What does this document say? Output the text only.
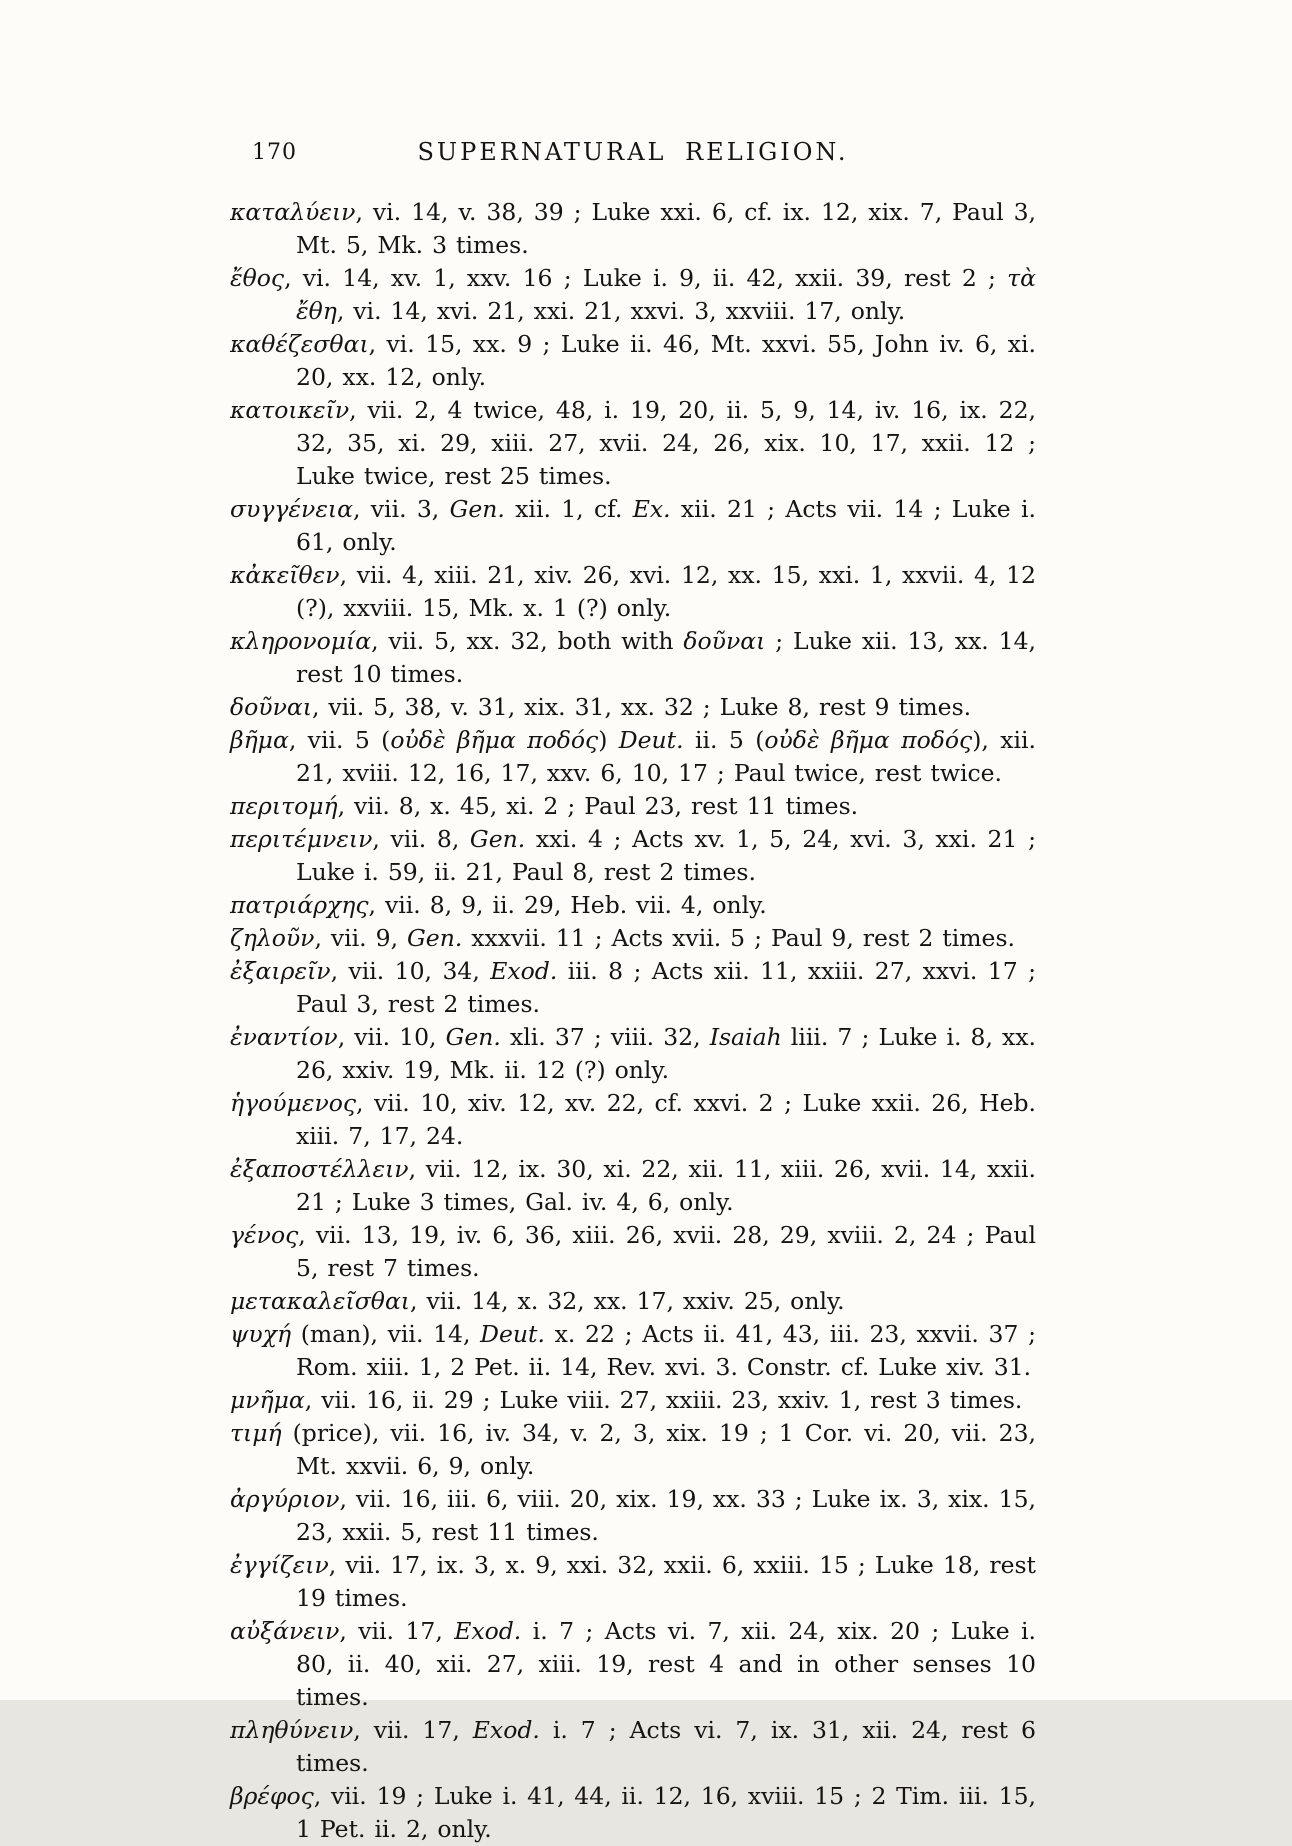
170	SUPERNATURAL RELIGION.
καταλύειν, vi. 14, v. 38, 39 ; Luke xxi. 6, cf. ix. 12, xix. 7, Paul 3, Mt. 5, Mk. 3 times.
ἔθος, vi. 14, xv. 1, xxv. 16 ; Luke i. 9, ii. 42, xxii. 39, rest 2 ; τὰ ἔθη, vi. 14, xvi. 21, xxi. 21, xxvi. 3, xxviii. 17, only.
καθέζεσθαι, vi. 15, xx. 9 ; Luke ii. 46, Mt. xxvi. 55, John iv. 6, xi. 20, xx. 12, only.
κατοικεῖν, vii. 2, 4 twice, 48, i. 19, 20, ii. 5, 9, 14, iv. 16, ix. 22, 32, 35, xi. 29, xiii. 27, xvii. 24, 26, xix. 10, 17, xxii. 12 ; Luke twice, rest 25 times.
συγγένεια, vii. 3, Gen. xii. 1, cf. Ex. xii. 21 ; Acts vii. 14 ; Luke i. 61, only.
κἀκεῖθεν, vii. 4, xiii. 21, xiv. 26, xvi. 12, xx. 15, xxi. 1, xxvii. 4, 12 (?), xxviii. 15, Mk. x. 1 (?) only.
κληρονομία, vii. 5, xx. 32, both with δοῦναι ; Luke xii. 13, xx. 14, rest 10 times.
δοῦναι, vii. 5, 38, v. 31, xix. 31, xx. 32 ; Luke 8, rest 9 times.
βῆμα, vii. 5 (οὐδὲ βῆμα ποδός) Deut. ii. 5 (οὐδὲ βῆμα ποδός), xii. 21, xviii. 12, 16, 17, xxv. 6, 10, 17 ; Paul twice, rest twice.
περιτομή, vii. 8, x. 45, xi. 2 ; Paul 23, rest 11 times.
περιτέμνειν, vii. 8, Gen. xxi. 4 ; Acts xv. 1, 5, 24, xvi. 3, xxi. 21 ; Luke i. 59, ii. 21, Paul 8, rest 2 times.
πατριάρχης, vii. 8, 9, ii. 29, Heb. vii. 4, only.
ζηλοῦν, vii. 9, Gen. xxxvii. 11 ; Acts xvii. 5 ; Paul 9, rest 2 times.
ἐξαιρεῖν, vii. 10, 34, Exod. iii. 8 ; Acts xii. 11, xxiii. 27, xxvi. 17 ; Paul 3, rest 2 times.
ἐναντίον, vii. 10, Gen. xli. 37 ; viii. 32, Isaiah liii. 7 ; Luke i. 8, xx. 26, xxiv. 19, Mk. ii. 12 (?) only.
ἡγούμενος, vii. 10, xiv. 12, xv. 22, cf. xxvi. 2 ; Luke xxii. 26, Heb. xiii. 7, 17, 24.
ἐξαποστέλλειν, vii. 12, ix. 30, xi. 22, xii. 11, xiii. 26, xvii. 14, xxii. 21 ; Luke 3 times, Gal. iv. 4, 6, only.
γένος, vii. 13, 19, iv. 6, 36, xiii. 26, xvii. 28, 29, xviii. 2, 24 ; Paul 5, rest 7 times.
μετακαλεῖσθαι, vii. 14, x. 32, xx. 17, xxiv. 25, only.
ψυχή (man), vii. 14, Deut. x. 22 ; Acts ii. 41, 43, iii. 23, xxvii. 37 ; Rom. xiii. 1, 2 Pet. ii. 14, Rev. xvi. 3. Constr. cf. Luke xiv. 31.
μνῆμα, vii. 16, ii. 29 ; Luke viii. 27, xxiii. 23, xxiv. 1, rest 3 times.
τιμή (price), vii. 16, iv. 34, v. 2, 3, xix. 19 ; 1 Cor. vi. 20, vii. 23, Mt. xxvii. 6, 9, only.
ἀργύριον, vii. 16, iii. 6, viii. 20, xix. 19, xx. 33 ; Luke ix. 3, xix. 15, 23, xxii. 5, rest 11 times.
ἐγγίζειν, vii. 17, ix. 3, x. 9, xxi. 32, xxii. 6, xxiii. 15 ; Luke 18, rest 19 times.
αὐξάνειν, vii. 17, Exod. i. 7 ; Acts vi. 7, xii. 24, xix. 20 ; Luke i. 80, ii. 40, xii. 27, xiii. 19, rest 4 and in other senses 10 times.
πληθύνειν, vii. 17, Exod. i. 7 ; Acts vi. 7, ix. 31, xii. 24, rest 6 times.
βρέφος, vii. 19 ; Luke i. 41, 44, ii. 12, 16, xviii. 15 ; 2 Tim. iii. 15, 1 Pet. ii. 2, only.
